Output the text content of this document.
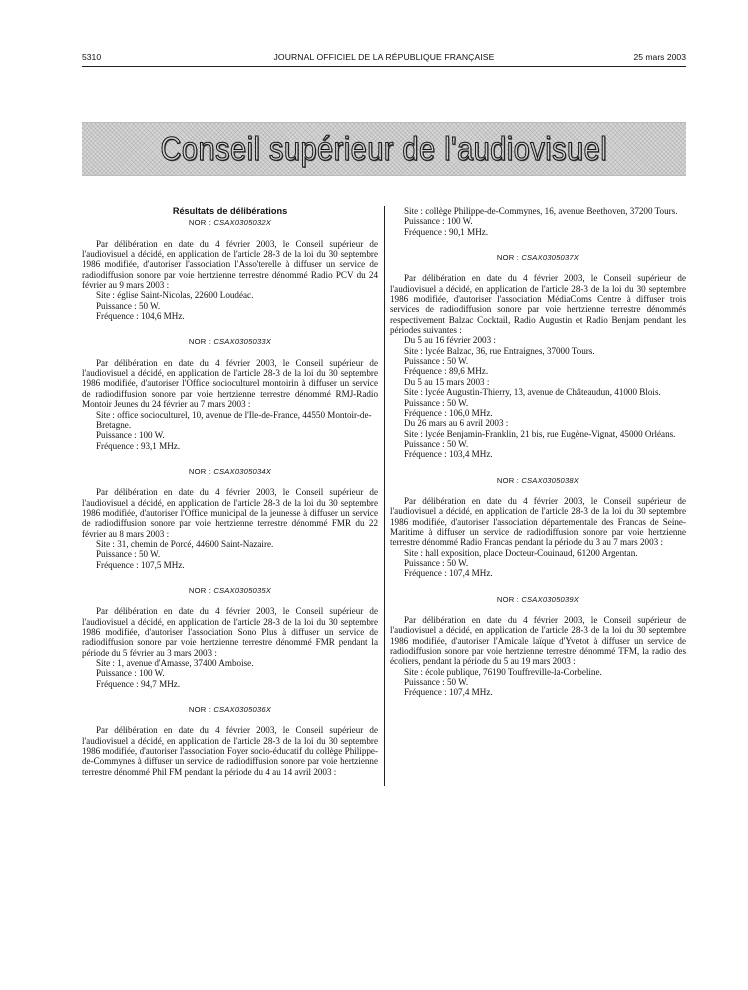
5310	JOURNAL OFFICIEL DE LA RÉPUBLIQUE FRANÇAISE	25 mars 2003
Conseil supérieur de l'audiovisuel
Résultats de délibérations
NOR : CSAX0305032X

Par délibération en date du 4 février 2003, le Conseil supérieur de l'audiovisuel a décidé, en application de l'article 28-3 de la loi du 30 septembre 1986 modifiée, d'autoriser l'association l'Asso'terelle à diffuser un service de radiodiffusion sonore par voie hertzienne terrestre dénommé Radio PCV du 24 février au 9 mars 2003 :

Site : église Saint-Nicolas, 22600 Loudéac.

Puissance : 50 W.

Fréquence : 104,6 MHz.

NOR : CSAX0305033X

Par délibération en date du 4 février 2003, le Conseil supérieur de l'audiovisuel a décidé, en application de l'article 28-3 de la loi du 30 septembre 1986 modifiée, d'autoriser l'Office socioculturel montoirin à diffuser un service de radiodiffusion sonore par voie hertzienne terrestre dénommé RMJ-Radio Montoir Jeunes du 24 février au 7 mars 2003 :

Site : office socioculturel, 10, avenue de l'Ile-de-France, 44550 Montoir-de-Bretagne.

Puissance : 100 W.

Fréquence : 93,1 MHz.

NOR : CSAX0305034X

Par délibération en date du 4 février 2003, le Conseil supérieur de l'audiovisuel a décidé, en application de l'article 28-3 de la loi du 30 septembre 1986 modifiée, d'autoriser l'Office municipal de la jeunesse à diffuser un service de radiodiffusion sonore par voie hertzienne terrestre dénommé FMR du 22 février au 8 mars 2003 :

Site : 31, chemin de Porcé, 44600 Saint-Nazaire.

Puissance : 50 W.

Fréquence : 107,5 MHz.

NOR : CSAX0305035X

Par délibération en date du 4 février 2003, le Conseil supérieur de l'audiovisuel a décidé, en application de l'article 28-3 de la loi du 30 septembre 1986 modifiée, d'autoriser l'association Sono Plus à diffuser un service de radiodiffusion sonore par voie hertzienne terrestre dénommé FMR pendant la période du 5 février au 3 mars 2003 :

Site : 1, avenue d'Amasse, 37400 Amboise.

Puissance : 100 W.

Fréquence : 94,7 MHz.

NOR : CSAX0305036X

Par délibération en date du 4 février 2003, le Conseil supérieur de l'audiovisuel a décidé, en application de l'article 28-3 de la loi du 30 septembre 1986 modifiée, d'autoriser l'association Foyer socio-éducatif du collège Philippe-de-Commynes à diffuser un service de radiodiffusion sonore par voie hertzienne terrestre dénommé Phil FM pendant la période du 4 au 14 avril 2003 :

Site : collège Philippe-de-Commynes, 16, avenue Beethoven, 37200 Tours.

Puissance : 100 W.

Fréquence : 90,1 MHz.

NOR : CSAX0305037X

Par délibération en date du 4 février 2003, le Conseil supérieur de l'audiovisuel a décidé, en application de l'article 28-3 de la loi du 30 septembre 1986 modifiée, d'autoriser l'association MédiaComs Centre à diffuser trois services de radiodiffusion sonore par voie hertzienne terrestre dénommés respectivement Balzac Cocktail, Radio Augustin et Radio Benjam pendant les périodes suivantes :

Du 5 au 16 février 2003 :

Site : lycée Balzac, 36, rue Entraignes, 37000 Tours.

Puissance : 50 W.

Fréquence : 89,6 MHz.

Du 5 au 15 mars 2003 :

Site : lycée Augustin-Thierry, 13, avenue de Châteaudun, 41000 Blois.

Puissance : 50 W.

Fréquence : 106,0 MHz.

Du 26 mars au 6 avril 2003 :

Site : lycée Benjamin-Franklin, 21 bis, rue Eugène-Vignat, 45000 Orléans.

Puissance : 50 W.

Fréquence : 103,4 MHz.

NOR : CSAX0305038X

Par délibération en date du 4 février 2003, le Conseil supérieur de l'audiovisuel a décidé, en application de l'article 28-3 de la loi du 30 septembre 1986 modifiée, d'autoriser l'association départementale des Francas de Seine-Maritime à diffuser un service de radiodiffusion sonore par voie hertzienne terrestre dénommé Radio Francas pendant la période du 3 au 7 mars 2003 :

Site : hall exposition, place Docteur-Couinaud, 61200 Argentan.

Puissance : 50 W.

Fréquence : 107,4 MHz.

NOR : CSAX0305039X

Par délibération en date du 4 février 2003, le Conseil supérieur de l'audiovisuel a décidé, en application de l'article 28-3 de la loi du 30 septembre 1986 modifiée, d'autoriser l'Amicale laïque d'Yvetot à diffuser un service de radiodiffusion sonore par voie hertzienne terrestre dénommé TFM, la radio des écoliers, pendant la période du 5 au 19 mars 2003 :

Site : école publique, 76190 Touffreville-la-Corbeline.

Puissance : 50 W.

Fréquence : 107,4 MHz.
